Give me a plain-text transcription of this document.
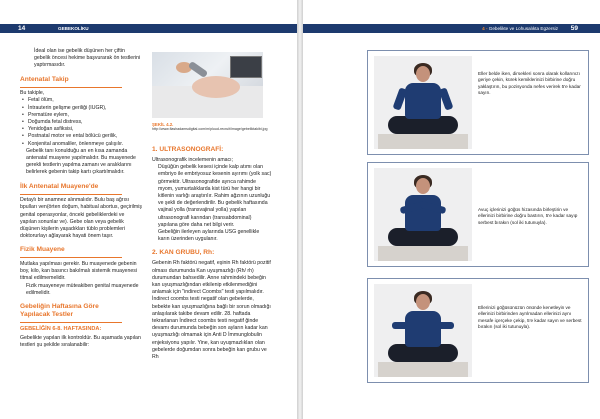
14	GEBEKOLİKU
İdeal olan ise gebelik düşünen her çiftin gebelik öncesi hekime başvurarak ön testlerini yaptırmasıdır.
Antenatal Takip
Bu takiple,
• Fetal ölüm,
• İntrauterin gelişme geriliği (IUGR),
• Prematüre eylem,
• Doğumda fetal distress,
• Yenidoğan asfiksisi,
• Postnatal motor ve ental bölücü gerilik,
• Konjenital anomaliler, önlenmeye çalışılır.
Gebelik tanı konulduğu an en kısa zamanda antenatal muayene yapılmalıdır. Bu muayenede gerekli testlerin yapılma zamanı ve aralıklarını belirlerek gebenin takip kartı çıkartılmalıdır.
İlk Antenatal Muayene'de
Detaylı bir anamnez alınmalıdır. Bulu baş ağrısı bpulları ven(örten doğum, habitual abortus, geçirilmiş genital operasyonlar, önceki gebeliklerdeki ve yapılan sonunlar ve). Gebe olan veya gebelik düşünen kişilerin yaşadıkları tüblo problemleri doktorurlayı ağlayarak hayati önem taşır.
Fizik Muayene
Mutlaka yapılması gerekir. Bu muayenede gebenin boy, kilo, kan basıncı bakılmalı sistemik muayenesi titmal edilmemelidir.
Fizik muayeneye müteakiben genital muayenede edilmelidir.
Gebeliğin Haftasına Göre
Yapılacak Testler
GEBELİĞİN 6-8. HAFTASINDA:
Gebelikte yapılan ilk kontroldür. Bu aşamada yapılan testleri şu şekilde sıralanabilir:
ŞEKİL 4.2.
http://www.flashadamsdigital.com/m/ploud-recruit/image/gebeliktakibi.jpg
1. ULTRASONOGRAFİ:
Ultrasonografik incelemenin amacı;
Düşüğün gebelik kesesi içinde kalp atımı olan embriyo ile embriyosuz kesenin ayırımı (yolk sac) görmektir. Ultrasonografide ayrıca rahimde myom, yumurtalıklarda kist türü her hangi bir kitlenin varlığı araştırılır. Rahim ağzının uzunluğu ve şekli de değerlendirilir. Bu gebelik haftasında vajinal yolla (transvajinal yolla) yapılan ultrasonografi karından (transabdominal) yapılana göre daha net bilgi verir.
Gebeliğin ilerleyen aylarında USG genellikle karın üzerinden uygulanır.
2. KAN GRUBU, Rh:
Gebenin Rh faktörü negatif, eşinin Rh faktörü pozitif olması durumunda Kan uyuşmazlığı (Rh/ rh) durumundan bahsedilir. Anne rahmindeki bebeğin kan uyuşmazlığından etkilenip etkilenmediğini anlamak için "indirect Coombs" testi yapılmalıdır. İndirect coombs testi negatif olan gebelerde, bebekte kan uyuşmazlığına bağlı bir sorun olmadığı anlaşılarak takibe devam edilir. 28. haftada tekrarlanan İndirect coombs testi negatif ğinde devamı durumunda bebeğin son ayların kadar kan uyuşmazlığı olmamak için Anti D İmmunglobulin enjeksiyonu yapılır. Yine, kan uyuşmazlıkları olan gebelerde doğumdan sonra bebeğin kan grubu ve Rh
4 - Gebelikte ve Lohusalıkta Egzersiz 59
Eller belde iken, dirsekleri sonra olarak kollarınızı geriye çekin, kürek kemiklerinizi birbirine doğru yaklaştırın, bu pozisyonda nefes verirek 5'e kadar sayın.
Avuç içlerinizi göğüs hizasında birleştirin ve ellerinizi birbirine doğru bastırın, 5'e kadar sayıp serbest bırakın (sol iki tutunuyla).
Ellerinizi göğüsünüzün önünde kenetleyin ve ellerinizi birbirinden ayrılmadan ellerinizi aynı mesafe içerçeke çekip, 5'e kadar sayın ve serbest bırakın (sol iki tutunuyla).
